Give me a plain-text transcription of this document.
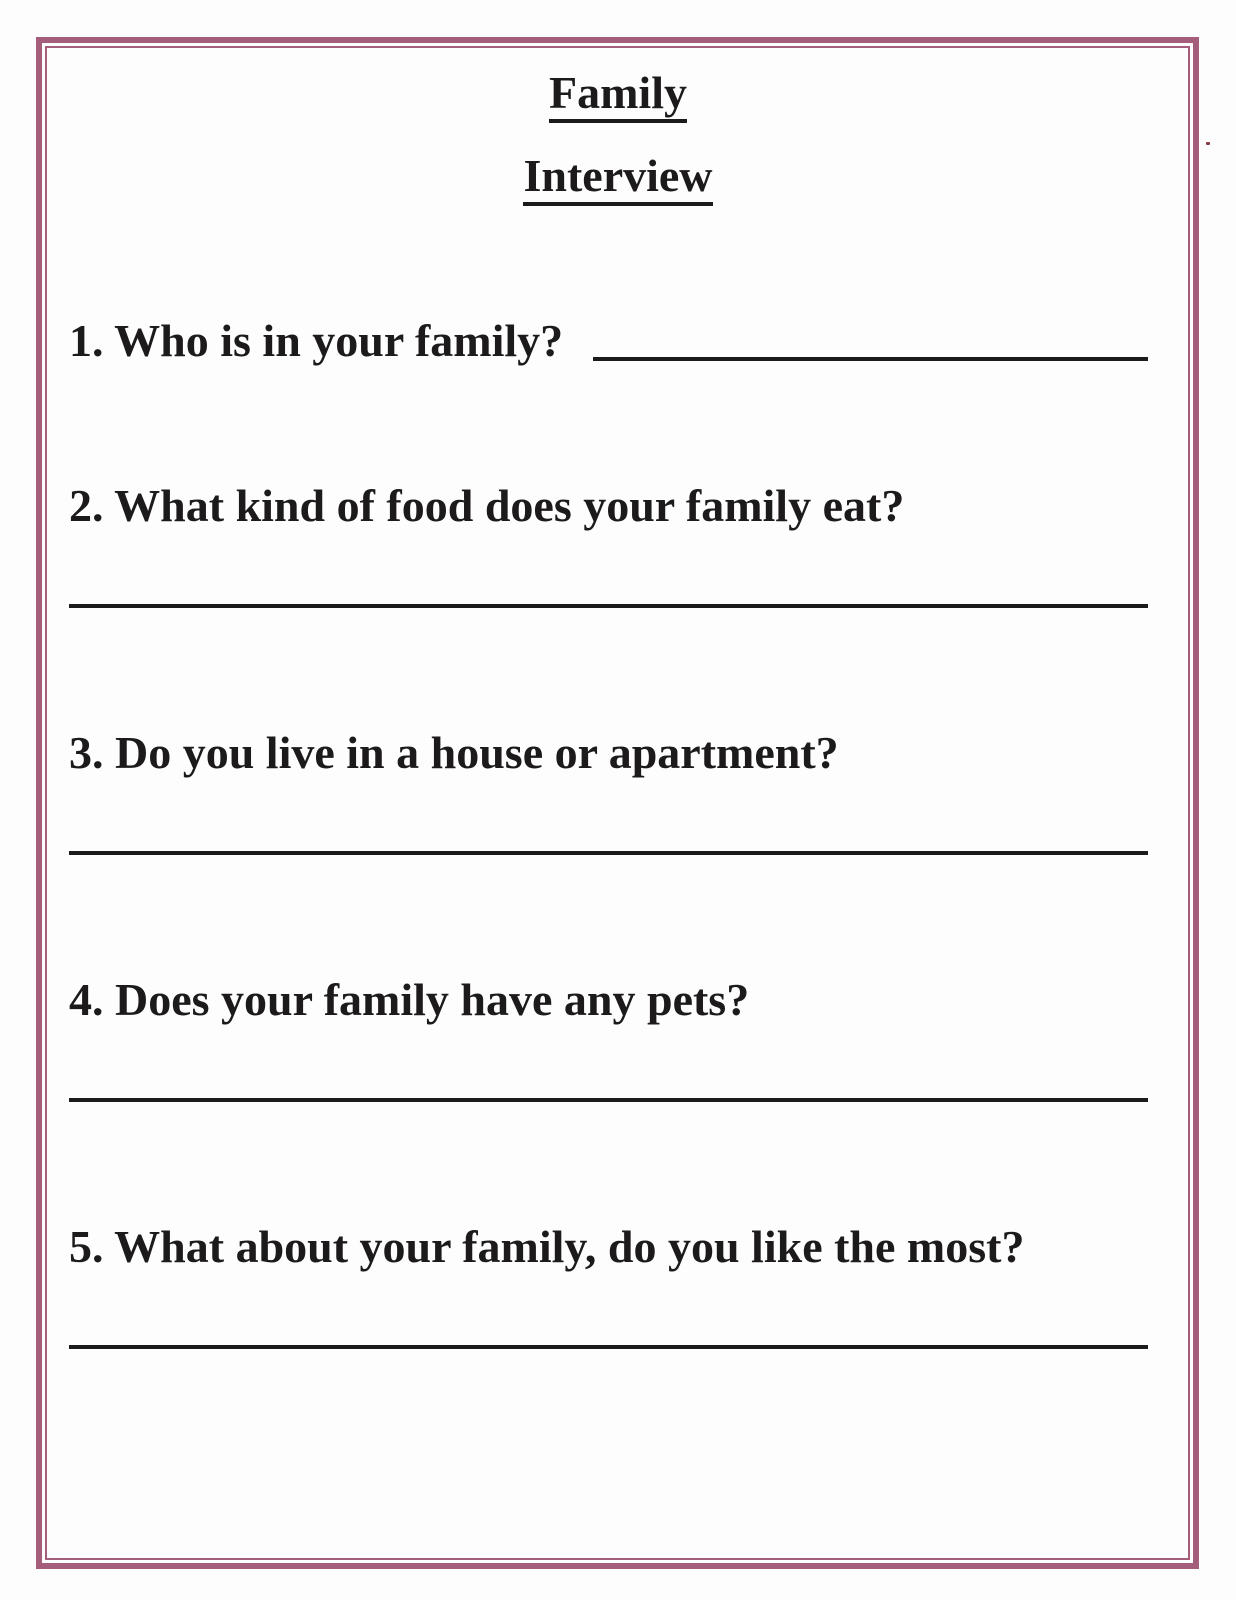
Family
Interview

1. Who is in your family?

2. What kind of food does your family eat?

3. Do you live in a house or apartment?

4. Does your family have any pets?

5. What about your family, do you like the most?
